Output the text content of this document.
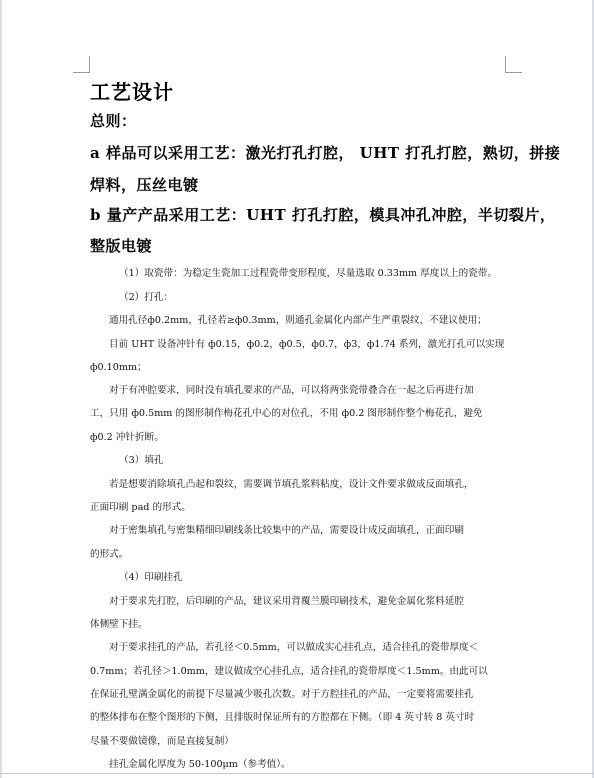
工艺设计
总则：
a 样品可以采用工艺：激光打孔打腔， UHT 打孔打腔，熟切，拼接
焊料，压丝电镀
b 量产产品采用工艺：UHT 打孔打腔，模具冲孔冲腔，半切裂片，
整版电镀
（1）取瓷带：为稳定生瓷加工过程瓷带变形程度，尽量选取 0.33mm 厚度以上的瓷带。
（2）打孔：
通用孔径ф0.2mm，孔径若≥ф0.3mm，则通孔金属化内部产生严重裂纹，不建议使用；
目前 UHT 设备冲针有 ф0.15，ф0.2，ф0.5，ф0.7，ф3，ф1.74 系列，激光打孔可以实现
ф0.10mm；
对于有冲腔要求，同时没有填孔要求的产品，可以将两张瓷带叠合在一起之后再进行加
工，只用 ф0.5mm 的图形制作梅花孔中心的对位孔，不用 ф0.2 图形制作整个梅花孔，避免
ф0.2 冲针折断。
（3）填孔
若是想要消除填孔凸起和裂纹，需要调节填孔浆料粘度，设计文件要求做成反面填孔，
正面印刷 pad 的形式。
对于密集填孔与密集精细印刷线条比较集中的产品，需要设计成反面填孔，正面印刷
的形式。
（4）印刷挂孔
对于要求先打腔，后印刷的产品，建议采用背覆兰膜印刷技术，避免金属化浆料延腔
体侧壁下挂。
对于要求挂孔的产品，若孔径＜0.5mm，可以做成实心挂孔点，适合挂孔的瓷带厚度＜
0.7mm；若孔径＞1.0mm，建议做成空心挂孔点，适合挂孔的瓷带厚度＜1.5mm。由此可以
在保证孔壁满金属化的前提下尽量减少吸孔次数。对于方腔挂孔的产品，一定要将需要挂孔
的整体排布在整个图形的下侧，且排版时保证所有的方腔都在下侧。（即 4 英寸转 8 英寸时
尽量不要做镜像，而是直接复制）
挂孔金属化厚度为 50-100μm（参考值）。
